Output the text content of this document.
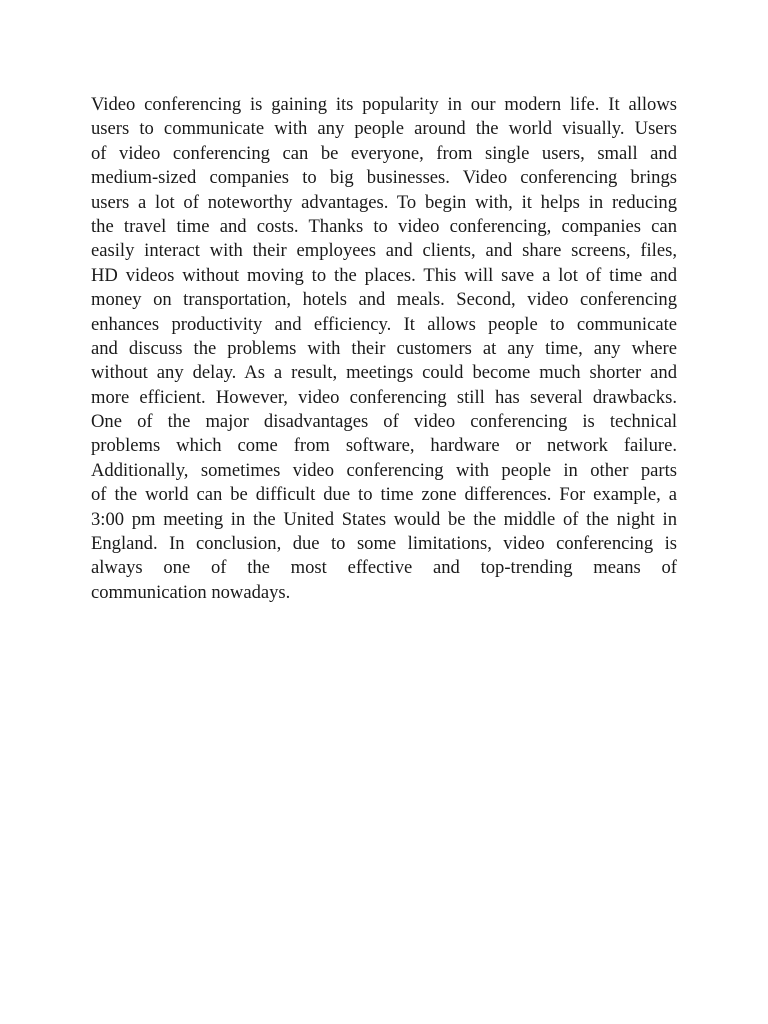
Video conferencing is gaining its popularity in our modern life. It allows
users to communicate with any people around the world visually. Users
of video conferencing can be everyone, from single users, small and
medium-sized companies to big businesses. Video conferencing brings
users a lot of noteworthy advantages. To begin with, it helps in reducing
the travel time and costs. Thanks to video conferencing, companies can
easily interact with their employees and clients, and share screens, files,
HD videos without moving to the places. This will save a lot of time and
money on transportation, hotels and meals. Second, video conferencing
enhances productivity and efficiency. It allows people to communicate
and discuss the problems with their customers at any time, any where
without any delay. As a result, meetings could become much shorter and
more efficient. However, video conferencing still has several drawbacks.
One of the major disadvantages of video conferencing is technical
problems which come from software, hardware or network failure.
Additionally, sometimes video conferencing with people in other parts
of the world can be difficult due to time zone differences. For example, a
3:00 pm meeting in the United States would be the middle of the night in
England. In conclusion, due to some limitations, video conferencing is
always one of the most effective and top-trending means of
communication nowadays.
